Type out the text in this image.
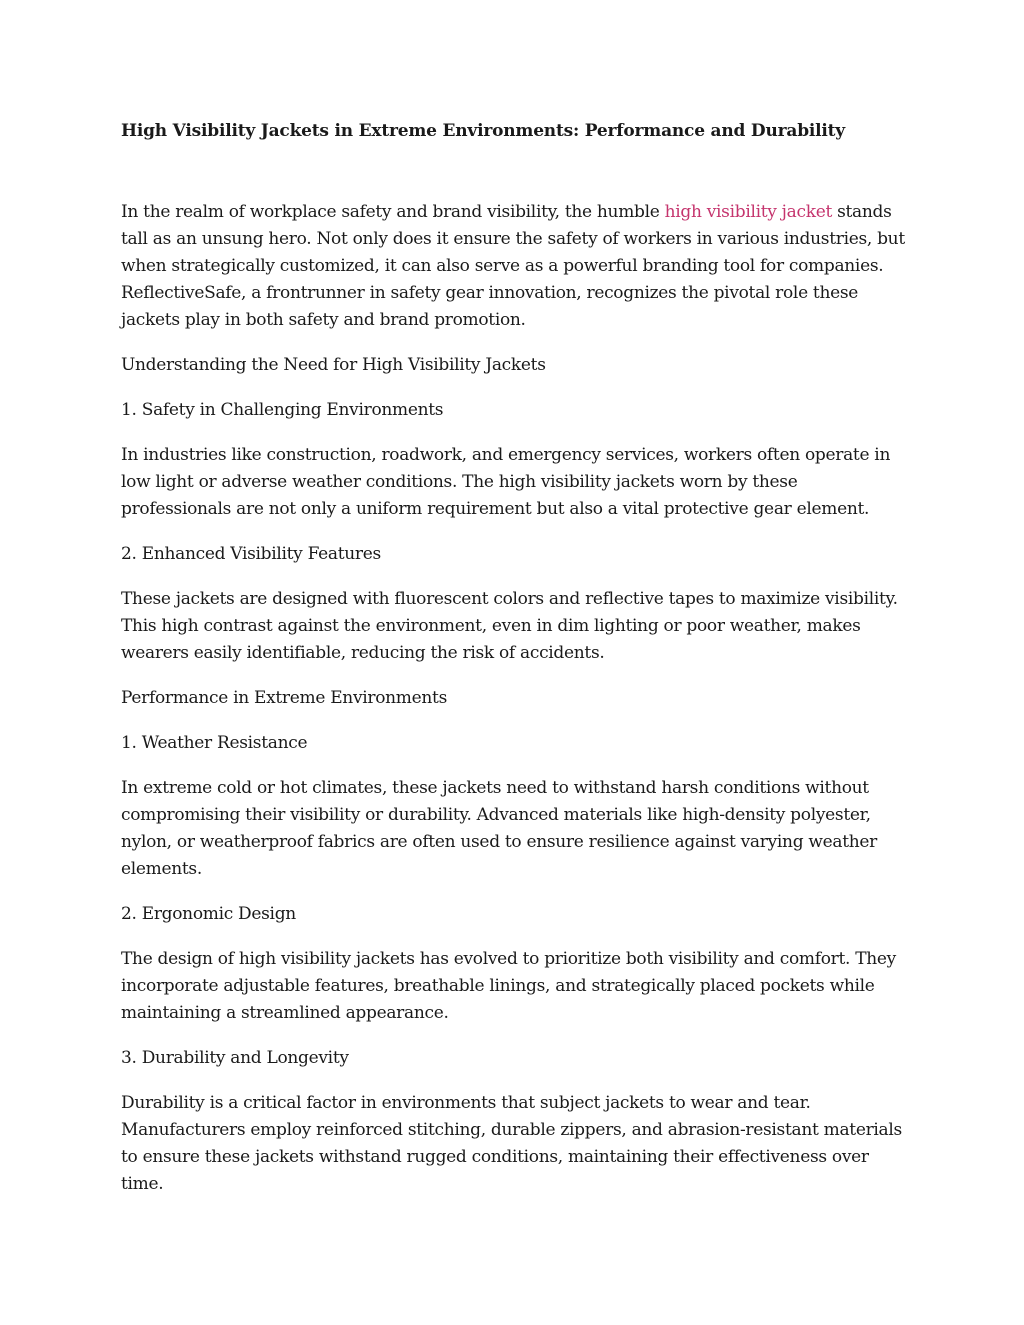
High Visibility Jackets in Extreme Environments: Performance and Durability

In the realm of workplace safety and brand visibility, the humble high visibility jacket stands tall as an unsung hero. Not only does it ensure the safety of workers in various industries, but when strategically customized, it can also serve as a powerful branding tool for companies. ReflectiveSafe, a frontrunner in safety gear innovation, recognizes the pivotal role these jackets play in both safety and brand promotion.

Understanding the Need for High Visibility Jackets

1. Safety in Challenging Environments

In industries like construction, roadwork, and emergency services, workers often operate in low light or adverse weather conditions. The high visibility jackets worn by these professionals are not only a uniform requirement but also a vital protective gear element.

2. Enhanced Visibility Features

These jackets are designed with fluorescent colors and reflective tapes to maximize visibility. This high contrast against the environment, even in dim lighting or poor weather, makes wearers easily identifiable, reducing the risk of accidents.

Performance in Extreme Environments

1. Weather Resistance

In extreme cold or hot climates, these jackets need to withstand harsh conditions without compromising their visibility or durability. Advanced materials like high-density polyester, nylon, or weatherproof fabrics are often used to ensure resilience against varying weather elements.

2. Ergonomic Design

The design of high visibility jackets has evolved to prioritize both visibility and comfort. They incorporate adjustable features, breathable linings, and strategically placed pockets while maintaining a streamlined appearance.

3. Durability and Longevity

Durability is a critical factor in environments that subject jackets to wear and tear. Manufacturers employ reinforced stitching, durable zippers, and abrasion-resistant materials to ensure these jackets withstand rugged conditions, maintaining their effectiveness over time.
